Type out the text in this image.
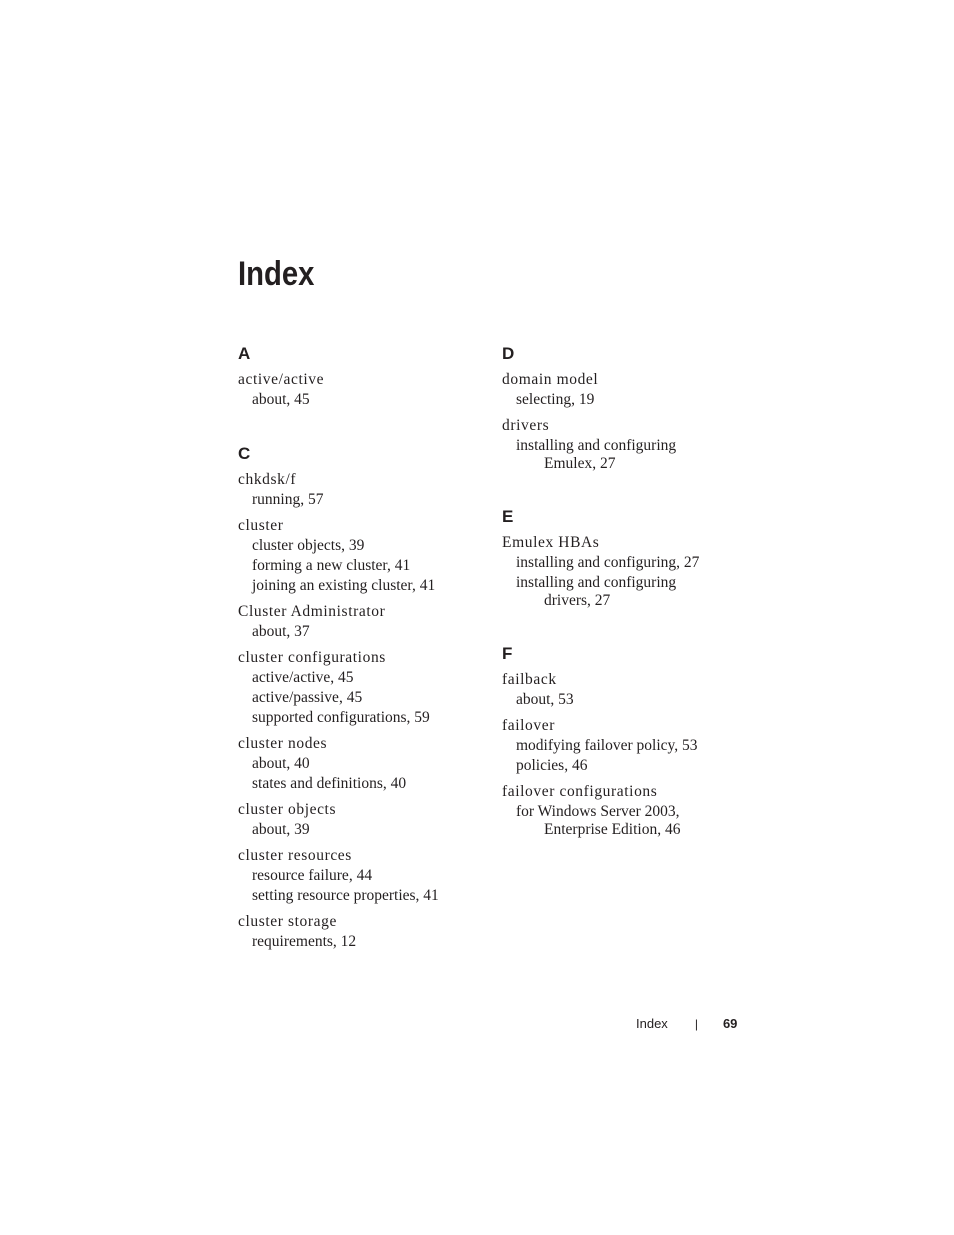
Index
A
active/active
about, 45
C
chkdsk/f
running, 57
cluster
cluster objects, 39
forming a new cluster, 41
joining an existing cluster, 41
Cluster Administrator
about, 37
cluster configurations
active/active, 45
active/passive, 45
supported configurations, 59
cluster nodes
about, 40
states and definitions, 40
cluster objects
about, 39
cluster resources
resource failure, 44
setting resource properties, 41
cluster storage
requirements, 12
D
domain model
selecting, 19
drivers
installing and configuring
Emulex, 27
E
Emulex HBAs
installing and configuring, 27
installing and configuring
drivers, 27
F
failback
about, 53
failover
modifying failover policy, 53
policies, 46
failover configurations
for Windows Server 2003,
Enterprise Edition, 46
Index | 69
